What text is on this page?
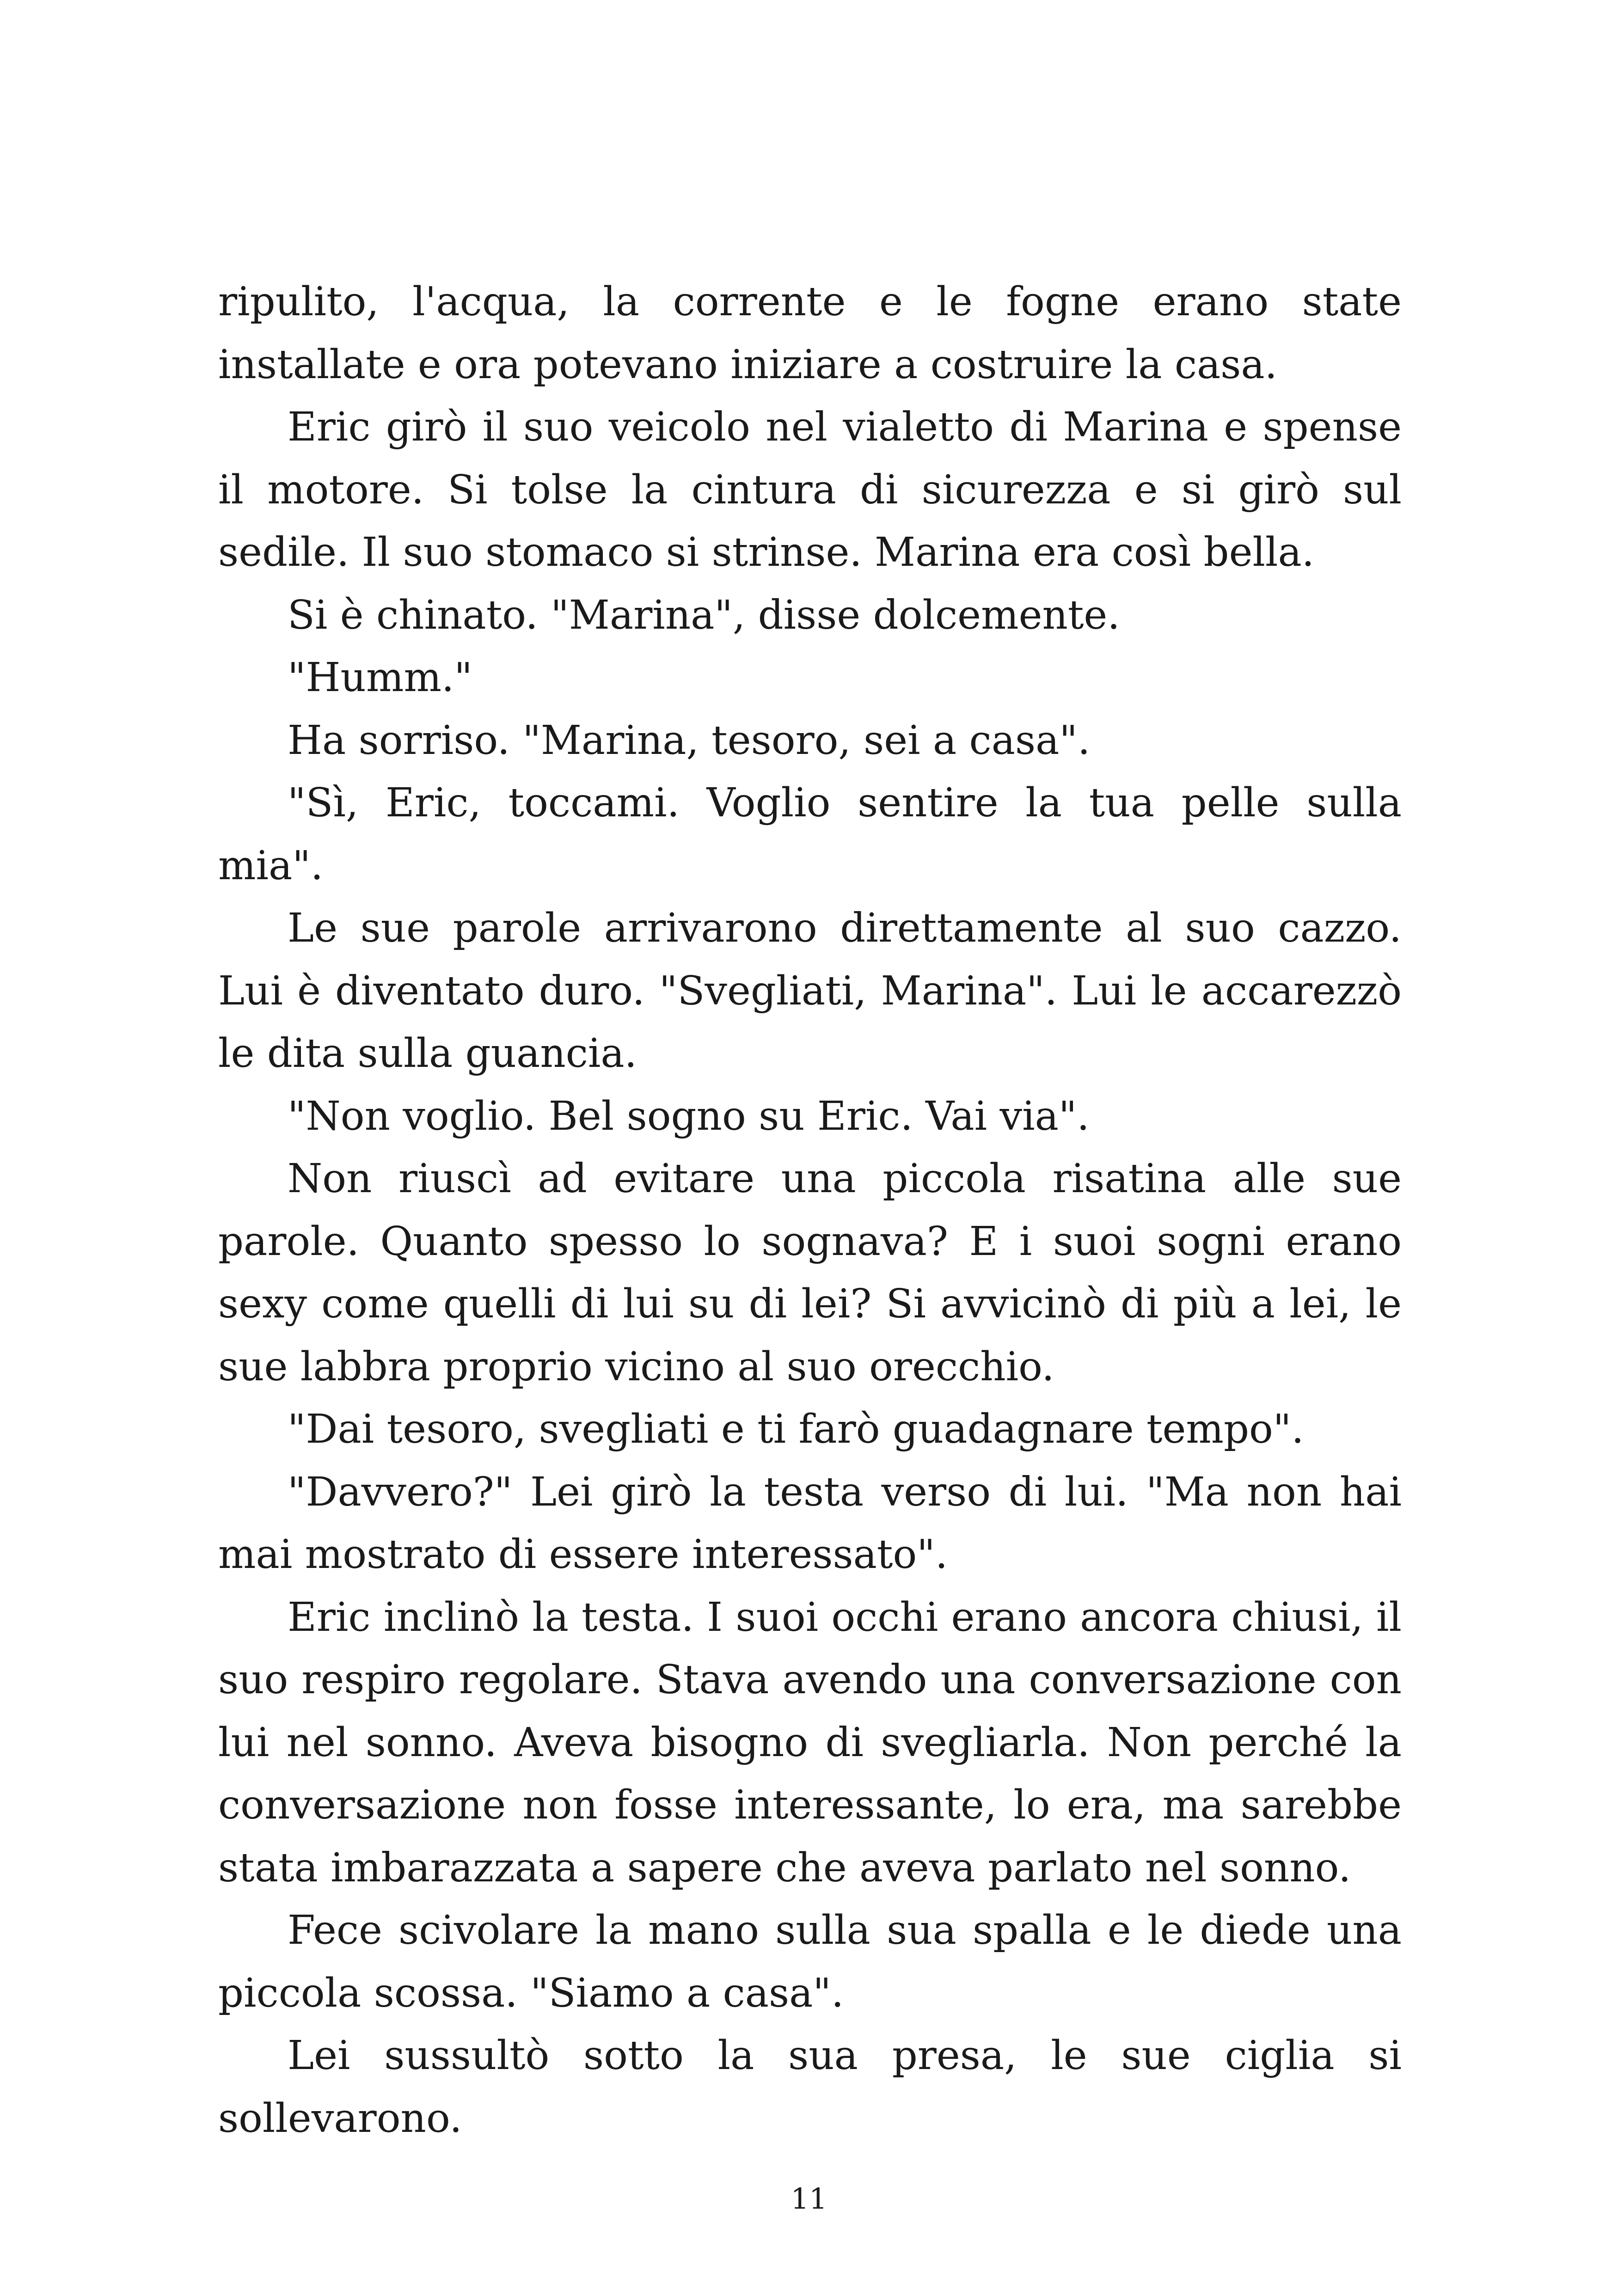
ripulito, l'acqua, la corrente e le fogne erano state installate e ora potevano iniziare a costruire la casa.

Eric girò il suo veicolo nel vialetto di Marina e spense il motore. Si tolse la cintura di sicurezza e si girò sul sedile. Il suo stomaco si strinse. Marina era così bella.

Si è chinato. "Marina", disse dolcemente.

"Humm."

Ha sorriso. "Marina, tesoro, sei a casa".

"Sì, Eric, toccami. Voglio sentire la tua pelle sulla mia".

Le sue parole arrivarono direttamente al suo cazzo. Lui è diventato duro. "Svegliati, Marina". Lui le accarezzò le dita sulla guancia.

"Non voglio. Bel sogno su Eric. Vai via".

Non riuscì ad evitare una piccola risatina alle sue parole. Quanto spesso lo sognava? E i suoi sogni erano sexy come quelli di lui su di lei? Si avvicinò di più a lei, le sue labbra proprio vicino al suo orecchio.

"Dai tesoro, svegliati e ti farò guadagnare tempo".

"Davvero?" Lei girò la testa verso di lui. "Ma non hai mai mostrato di essere interessato".

Eric inclinò la testa. I suoi occhi erano ancora chiusi, il suo respiro regolare. Stava avendo una conversazione con lui nel sonno. Aveva bisogno di svegliarla. Non perché la conversazione non fosse interessante, lo era, ma sarebbe stata imbarazzata a sapere che aveva parlato nel sonno.

Fece scivolare la mano sulla sua spalla e le diede una piccola scossa. "Siamo a casa".

Lei sussultò sotto la sua presa, le sue ciglia si sollevarono.

11
